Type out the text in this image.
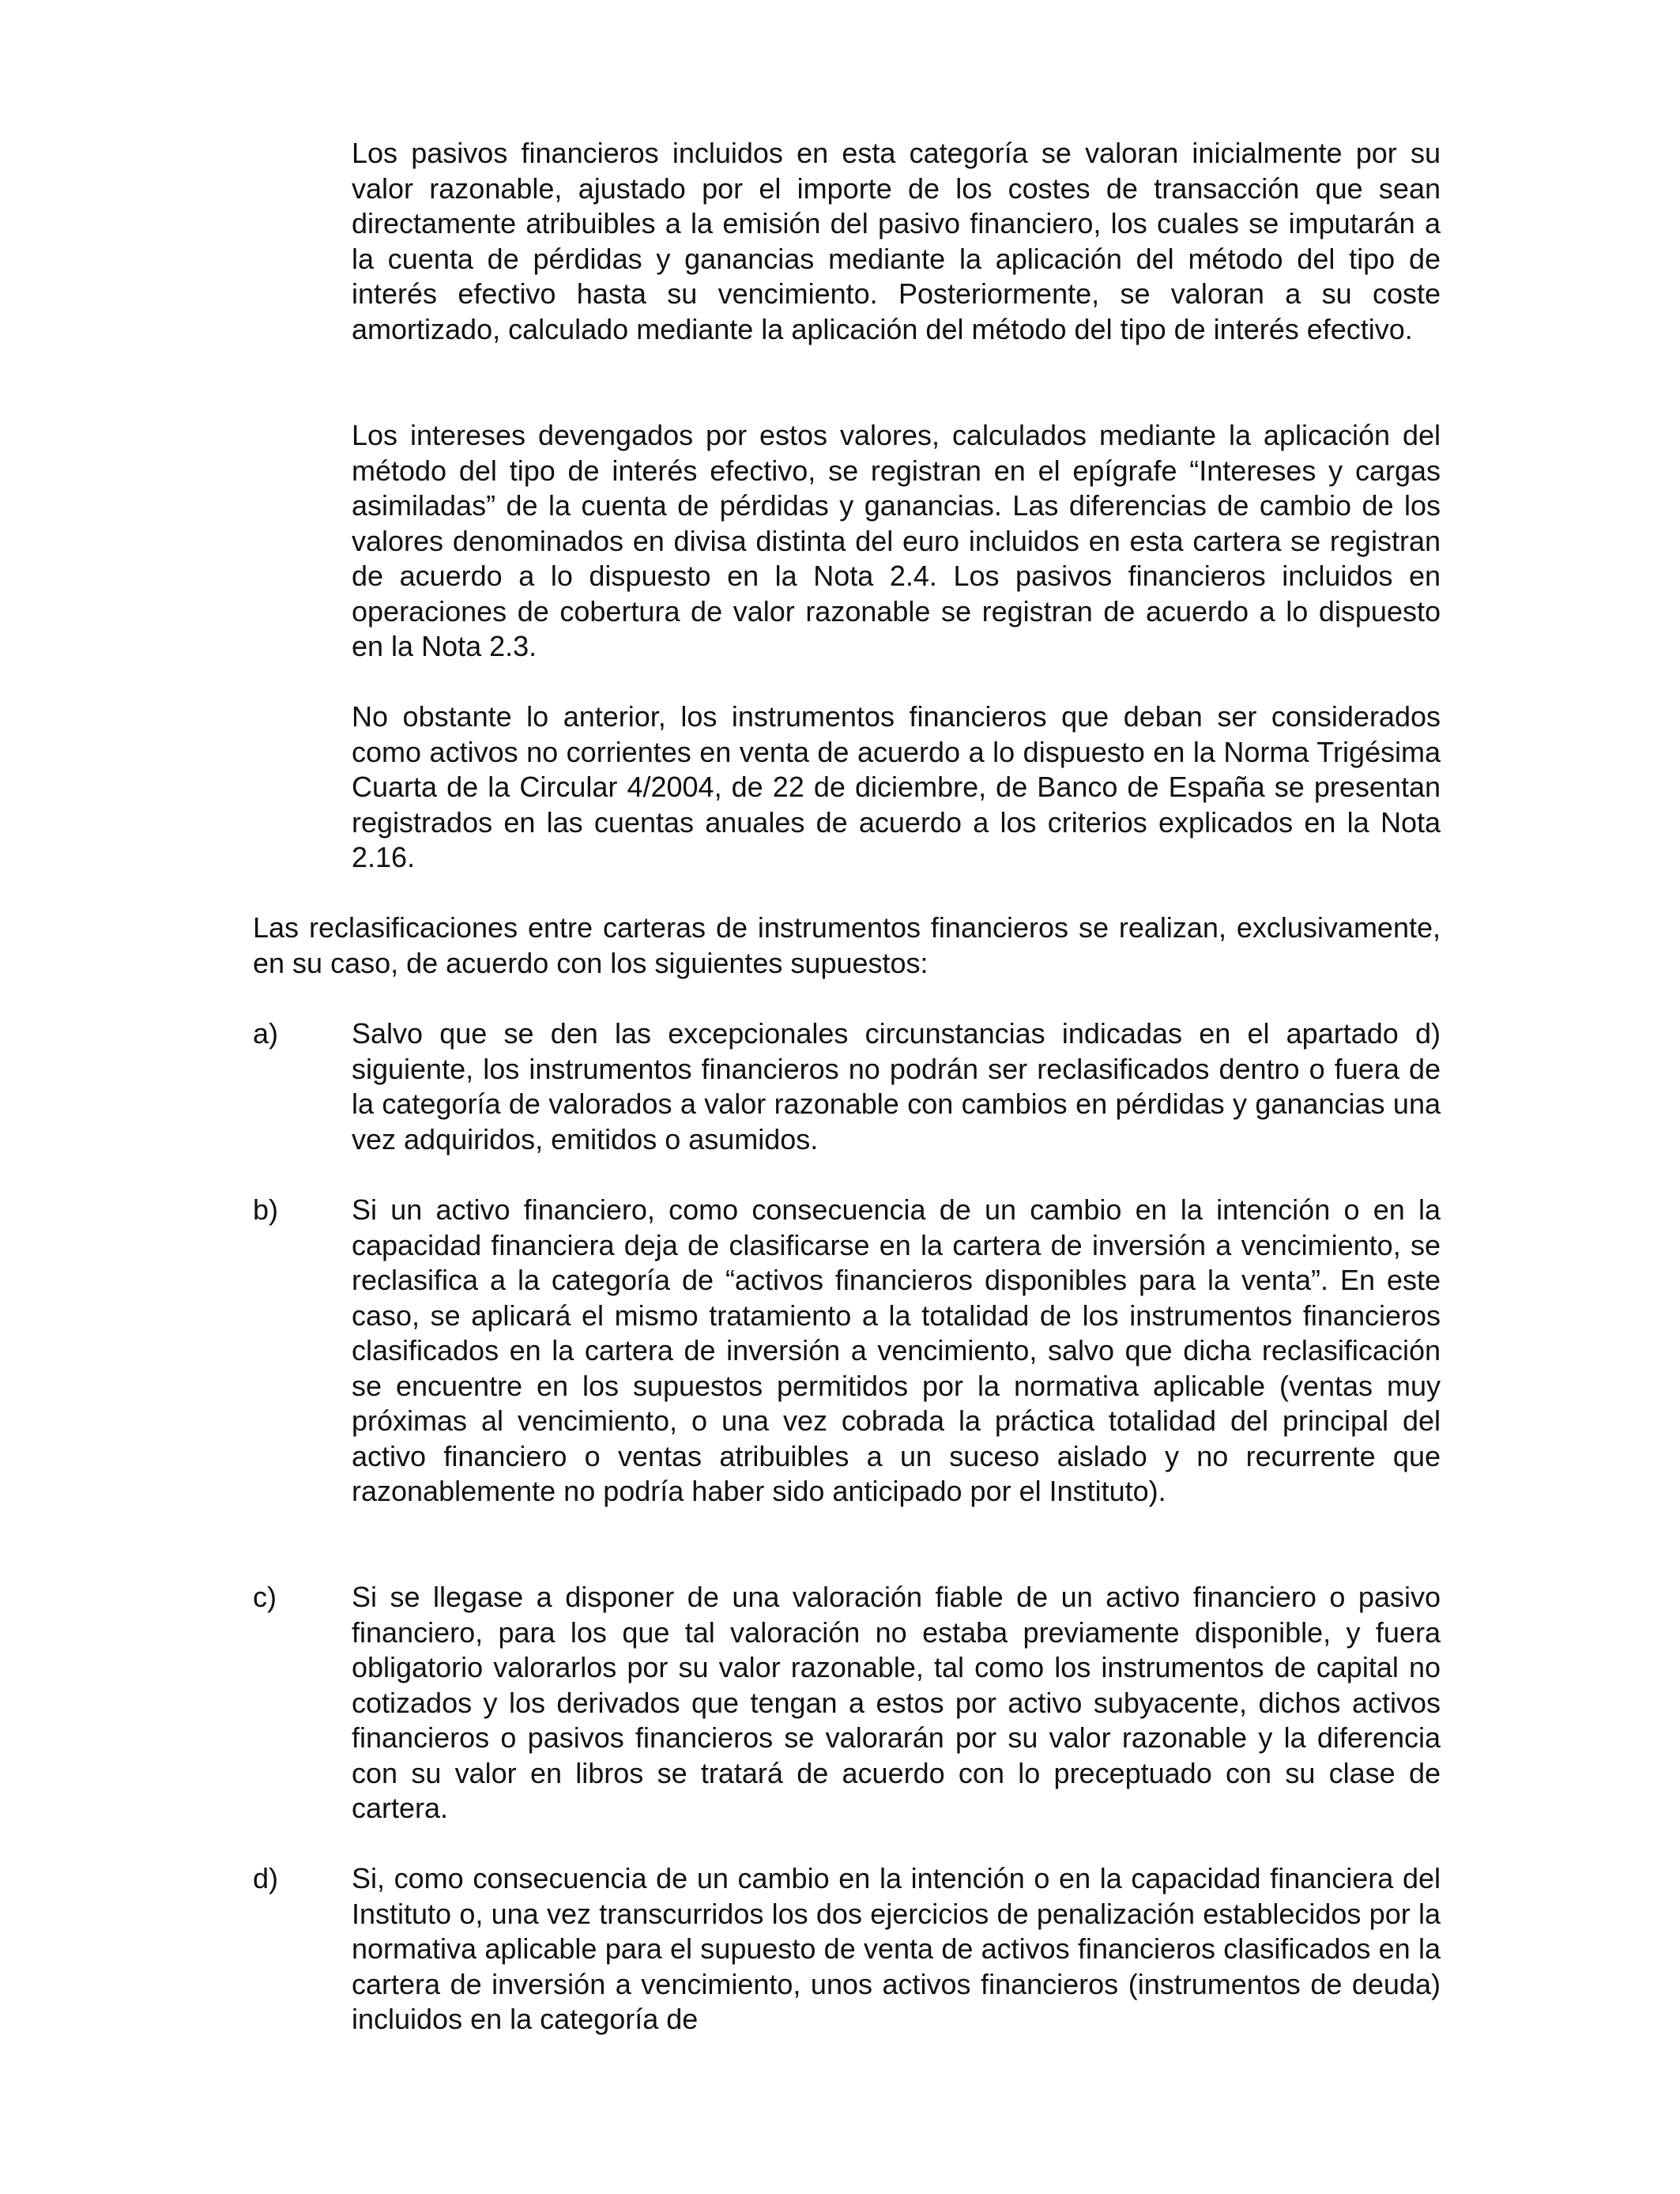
Los pasivos financieros incluidos en esta categoría se valoran inicialmente por su valor razonable, ajustado por el importe de los costes de transacción que sean directamente atribuibles a la emisión del pasivo financiero, los cuales se imputarán a la cuenta de pérdidas y ganancias mediante la aplicación del método del tipo de interés efectivo hasta su vencimiento. Posteriormente, se valoran a su coste amortizado, calculado mediante la aplicación del método del tipo de interés efectivo.

Los intereses devengados por estos valores, calculados mediante la aplicación del método del tipo de interés efectivo, se registran en el epígrafe “Intereses y cargas asimiladas” de la cuenta de pérdidas y ganancias. Las diferencias de cambio de los valores denominados en divisa distinta del euro incluidos en esta cartera se registran de acuerdo a lo dispuesto en la Nota 2.4. Los pasivos financieros incluidos en operaciones de cobertura de valor razonable se registran de acuerdo a lo dispuesto en la Nota 2.3.

No obstante lo anterior, los instrumentos financieros que deban ser considerados como activos no corrientes en venta de acuerdo a lo dispuesto en la Norma Trigésima Cuarta de la Circular 4/2004, de 22 de diciembre, de Banco de España se presentan registrados en las cuentas anuales de acuerdo a los criterios explicados en la Nota 2.16.

Las reclasificaciones entre carteras de instrumentos financieros se realizan, exclusivamente, en su caso, de acuerdo con los siguientes supuestos:

a)	Salvo que se den las excepcionales circunstancias indicadas en el apartado d) siguiente, los instrumentos financieros no podrán ser reclasificados dentro o fuera de la categoría de valorados a valor razonable con cambios en pérdidas y ganancias una vez adquiridos, emitidos o asumidos.

b)	Si un activo financiero, como consecuencia de un cambio en la intención o en la capacidad financiera deja de clasificarse en la cartera de inversión a vencimiento, se reclasifica a la categoría de “activos financieros disponibles para la venta”. En este caso, se aplicará el mismo tratamiento a la totalidad de los instrumentos financieros clasificados en la cartera de inversión a vencimiento, salvo que dicha reclasificación se encuentre en los supuestos permitidos por la normativa aplicable (ventas muy próximas al vencimiento, o una vez cobrada la práctica totalidad del principal del activo financiero o ventas atribuibles a un suceso aislado y no recurrente que razonablemente no podría haber sido anticipado por el Instituto).

c)	Si se llegase a disponer de una valoración fiable de un activo financiero o pasivo financiero, para los que tal valoración no estaba previamente disponible, y fuera obligatorio valorarlos por su valor razonable, tal como los instrumentos de capital no cotizados y los derivados que tengan a estos por activo subyacente, dichos activos financieros o pasivos financieros se valorarán por su valor razonable y la diferencia con su valor en libros se tratará de acuerdo con lo preceptuado con su clase de cartera.

d)	Si, como consecuencia de un cambio en la intención o en la capacidad financiera del Instituto o, una vez transcurridos los dos ejercicios de penalización establecidos por la normativa aplicable para el supuesto de venta de activos financieros clasificados en la cartera de inversión a vencimiento, unos activos financieros (instrumentos de deuda) incluidos en la categoría de
